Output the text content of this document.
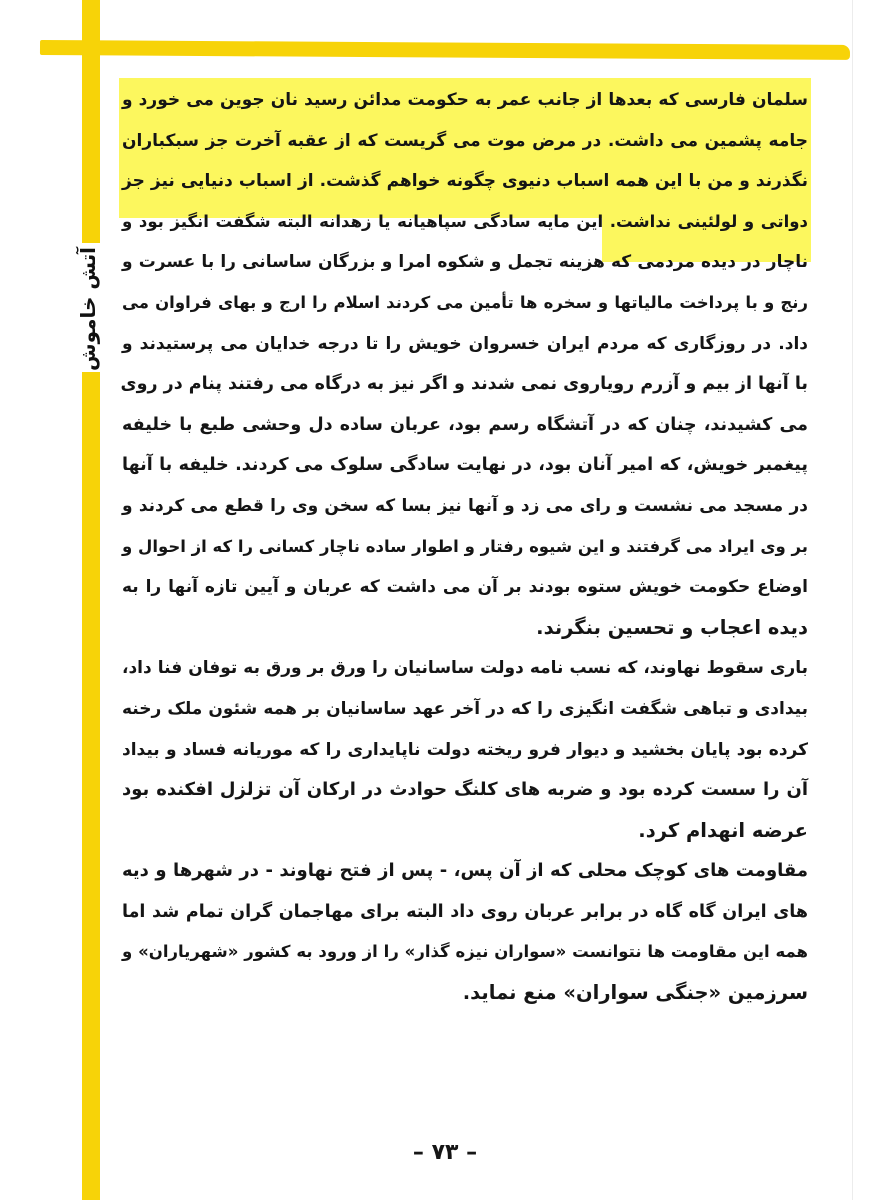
آتش خاموش
سلمان فارسی که بعدها از جانب عمر به حکومت مدائن رسید نان جوین می خورد و
جامه پشمین می داشت. در مرض موت می گریست که از عقبه آخرت جز سبکباران
نگذرند و من با این همه اسباب دنیوی چگونه خواهم گذشت. از اسباب دنیایی نیز جز
دواتی و لولئینی نداشت. این مایه سادگی سپاهیانه یا زهدانه البته شگفت انگیز بود و
ناچار در دیده مردمی که هزینه تجمل و شکوه امرا و بزرگان ساسانی را با عسرت و
رنج و با پرداخت مالیاتها و سخره ها تأمین می کردند اسلام را ارج و بهای فراوان می
داد. در روزگاری که مردم ایران خسروان خویش را تا درجه خدایان می پرستیدند و
با آنها از بیم و آزرم رویاروی نمی شدند و اگر نیز به درگاه می رفتند پنام در روی
می کشیدند، چنان که در آتشگاه رسم بود، عربان ساده دل وحشی طبع با خلیفه
پیغمبر خویش، که امیر آنان بود، در نهایت سادگی سلوک می کردند. خلیفه با آنها
در مسجد می نشست و رای می زد و آنها نیز بسا که سخن وی را قطع می کردند و
بر وی ایراد می گرفتند و این شیوه رفتار و اطوار ساده ناچار کسانی را که از احوال و
اوضاع حکومت خویش ستوه بودند بر آن می داشت که عربان و آیین تازه آنها را به
دیده اعجاب و تحسین بنگرند.
باری سقوط نهاوند، که نسب نامه دولت ساسانیان را ورق بر ورق به توفان فنا داد،
بیدادی و تباهی شگفت انگیزی را که در آخر عهد ساسانیان بر همه شئون ملک رخنه
کرده بود پایان بخشید و دیوار فرو ریخته دولت ناپایداری را که موریانه فساد و بیداد
آن را سست کرده بود و ضربه های کلنگ حوادث در ارکان آن تزلزل افکنده بود
عرضه انهدام کرد.
مقاومت های کوچک محلی که از آن پس، - پس از فتح نهاوند - در شهرها و دیه
های ایران گاه گاه در برابر عربان روی داد البته برای مهاجمان گران تمام شد اما
همه این مقاومت ها نتوانست «سواران نیزه گذار» را از ورود به کشور «شهریاران» و
سرزمین «جنگی سواران» منع نماید.
– ۷۳ –
